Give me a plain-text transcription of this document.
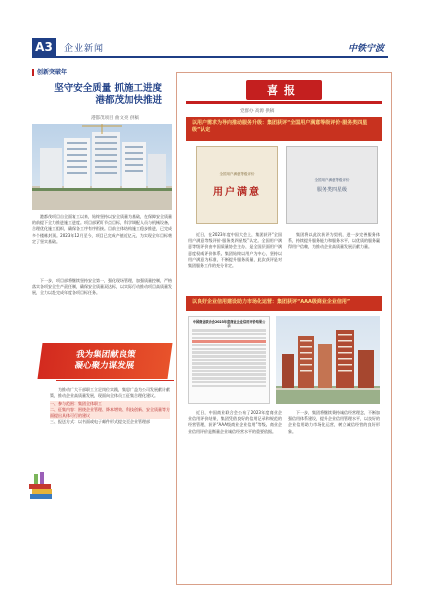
A3	企业新闻	中铁宁波
创新突破年
坚守安全质量 抓施工进度
港都茂加快推进
港都茂项目 曲文亮 供稿
港都茂项目自全面复工以来，始终坚持以安全质量为基础，在保障安全质量的前提下全力推进施工进度。项目部紧盯节点目标，科学调配人员与机械设备，合理优化施工组织，确保各工序有序衔接。目前主体结构施工稳步推进，已完成多个楼栋封顶。2023年12月至今，项目已完成产值近亿元，为实现全年目标奠定了坚实基础。
下一步，项目部将继续坚持安全第一，强化现场管理，加强质量控制，严格落实各项安全生产责任制，确保安全质量双达标，以实际行动推动项目高质量发展，全力以赴完成年度各项目标任务。
我为集团献良策
凝心聚力谋发展

为推动广大干部职工立足岗位实践，集思广益为公司发展献计献策，推动企业高质量发展，现面向全体员工征集合理化建议。

一、参与范围：集团全体职工

二、征集内容：围绕企业管理、降本增效、科技创新、安全质量等方面提出具体可行的建议

三、报送方式：以书面或电子邮件形式提交至企业管理部

喜报
党群办 高源 供稿
以用户需求为导向推动服务升级：集团获评“全国用户满意等级评价·服务类四星级”认定
全国用户满意等级评价
用户满意
全国用户满意等级评价
服务类四星级
近日，在2023年度中国大会上，集团获评“全国用户满意等级评价·服务类四星级”认定。全国用户满意等级评价由中国质量协会主办，是全国层面用户满意度权威评价体系。集团始终以用户为中心，坚持以用户满意为标准，不断提升服务质量，此次获评是对集团服务工作的充分肯定。
集团将以此次获评为契机，进一步完善服务体系，持续提升服务能力和服务水平，以优质的服务赢得用户信赖，为推动企业高质量发展贡献力量。
以良好企业信用建设助力市场化运营：集团获评“AAA级商业企业信用”
中国商业联合会2023年度商业企业信用评价结果公示
近日，中国商业联合会公布了2023年度商业企业信用评价结果，集团凭借良好的信用记录和规范的经营管理，获评“AAA级商业企业信用”等级。商业企业信用评价是衡量企业诚信经营水平的重要依据。
下一步，集团将继续秉持诚信经营理念，不断加强信用体系建设，提升企业信用管理水平，以良好的企业信用助力市场化运营，树立诚信经营的良好形象。
